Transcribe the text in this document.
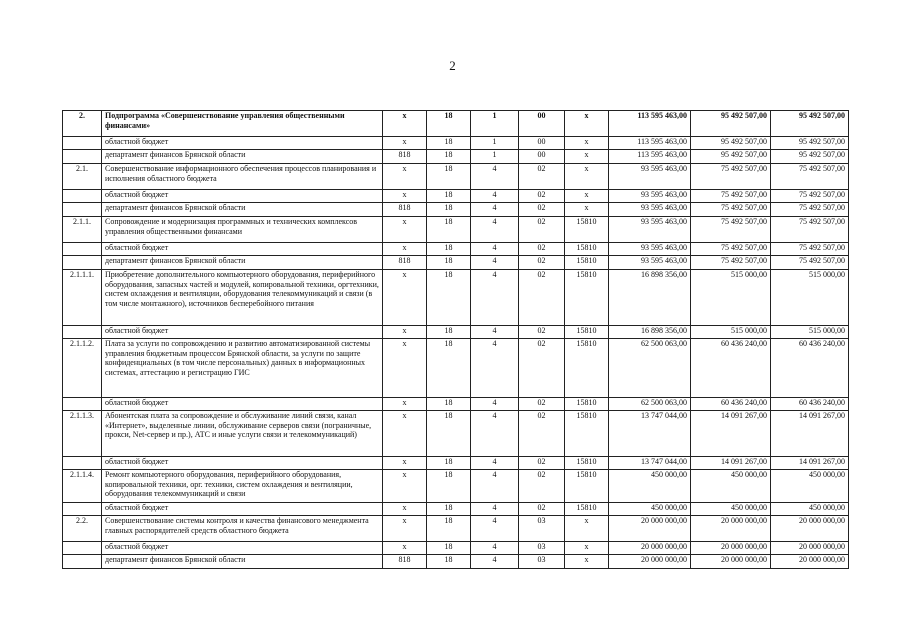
2
2.	Подпрограмма «Совершенствование управления общественными финансами»	x	18	1	00	x	113 595 463,00	95 492 507,00	95 492 507,00
	областной бюджет	x	18	1	00	x	113 595 463,00	95 492 507,00	95 492 507,00
	департамент финансов Брянской области	818	18	1	00	x	113 595 463,00	95 492 507,00	95 492 507,00
2.1.	Совершенствование информационного обеспечения процессов планирования и исполнения областного бюджета	x	18	4	02	x	93 595 463,00	75 492 507,00	75 492 507,00
	областной бюджет	x	18	4	02	x	93 595 463,00	75 492 507,00	75 492 507,00
	департамент финансов Брянской области	818	18	4	02	x	93 595 463,00	75 492 507,00	75 492 507,00
2.1.1.	Сопровождение и модернизация программных и технических комплексов управления общественными финансами	x	18	4	02	15810	93 595 463,00	75 492 507,00	75 492 507,00
	областной бюджет	x	18	4	02	15810	93 595 463,00	75 492 507,00	75 492 507,00
	департамент финансов Брянской области	818	18	4	02	15810	93 595 463,00	75 492 507,00	75 492 507,00
2.1.1.1.	Приобретение дополнительного компьютерного оборудования, периферийного оборудования, запасных частей и модулей, копировальной техники, оргтехники, систем охлаждения и вентиляции, оборудования телекоммуникаций и связи (в том числе монтажного), источников бесперебойного питания	x	18	4	02	15810	16 898 356,00	515 000,00	515 000,00
	областной бюджет	x	18	4	02	15810	16 898 356,00	515 000,00	515 000,00
2.1.1.2.	Плата за услуги по сопровождению и развитию автоматизированной системы управления бюджетным процессом Брянской области, за услуги по защите конфиденциальных (в том числе персональных) данных в информационных системах, аттестацию и регистрацию ГИС	x	18	4	02	15810	62 500 063,00	60 436 240,00	60 436 240,00
	областной бюджет	x	18	4	02	15810	62 500 063,00	60 436 240,00	60 436 240,00
2.1.1.3.	Абонентская плата за сопровождение и обслуживание линий связи, канал «Интернет», выделенные линии, обслуживание серверов связи (пограничные, прокси, Net-сервер и пр.), АТС и иные услуги связи и телекоммуникаций)	x	18	4	02	15810	13 747 044,00	14 091 267,00	14 091 267,00
	областной бюджет	x	18	4	02	15810	13 747 044,00	14 091 267,00	14 091 267,00
2.1.1.4.	Ремонт компьютерного оборудования, периферийного оборудования, копировальной техники, орг. техники, систем охлаждения и вентиляции, оборудования телекоммуникаций и связи	x	18	4	02	15810	450 000,00	450 000,00	450 000,00
	областной бюджет	x	18	4	02	15810	450 000,00	450 000,00	450 000,00
2.2.	Совершенствование системы контроля и качества финансового менеджмента главных распорядителей средств областного бюджета	x	18	4	03	x	20 000 000,00	20 000 000,00	20 000 000,00
	областной бюджет	x	18	4	03	x	20 000 000,00	20 000 000,00	20 000 000,00
	департамент финансов Брянской области	818	18	4	03	x	20 000 000,00	20 000 000,00	20 000 000,00
